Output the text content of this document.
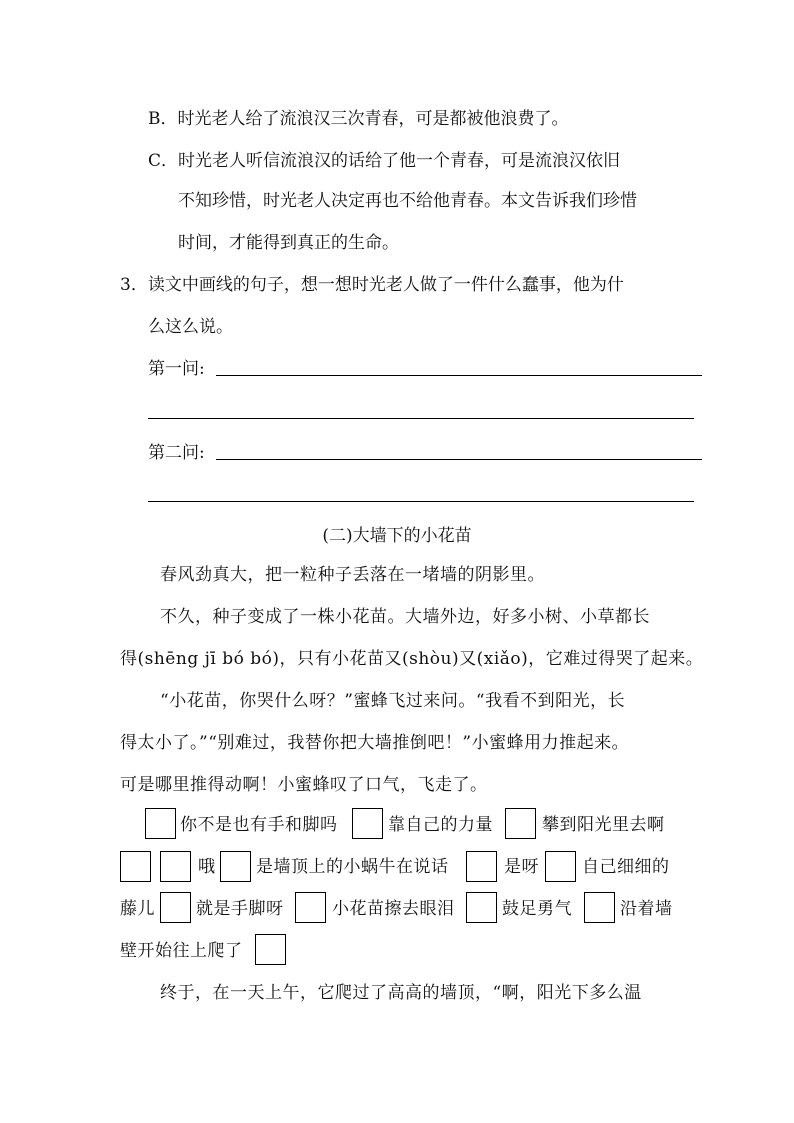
B．时光老人给了流浪汉三次青春，可是都被他浪费了。
C．时光老人听信流浪汉的话给了他一个青春，可是流浪汉依旧
不知珍惜，时光老人决定再也不给他青春。本文告诉我们珍惜
时间，才能得到真正的生命。
3．读文中画线的句子，想一想时光老人做了一件什么蠢事，他为什
么这么说。
第一问:
第二问:
(二)大墙下的小花苗
春风劲真大，把一粒种子丢落在一堵墙的阴影里。
不久，种子变成了一株小花苗。大墙外边，好多小树、小草都长
得(shēng jī bó bó)，只有小花苗又(shòu)又(xiǎo)，它难过得哭了起来。
“小花苗，你哭什么呀？”蜜蜂飞过来问。“我看不到阳光，长
得太小了。”“别难过，我替你把大墙推倒吧！”小蜜蜂用力推起来。
可是哪里推得动啊！小蜜蜂叹了口气，飞走了。
你不是也有手和脚吗	靠自己的力量	攀到阳光里去啊
哦 是墙顶上的小蜗牛在说话	是呀	自己细细的
藤儿 就是手脚呀	小花苗擦去眼泪	鼓足勇气	沿着墙
壁开始往上爬了
终于，在一天上午，它爬过了高高的墙顶，“啊，阳光下多么温
